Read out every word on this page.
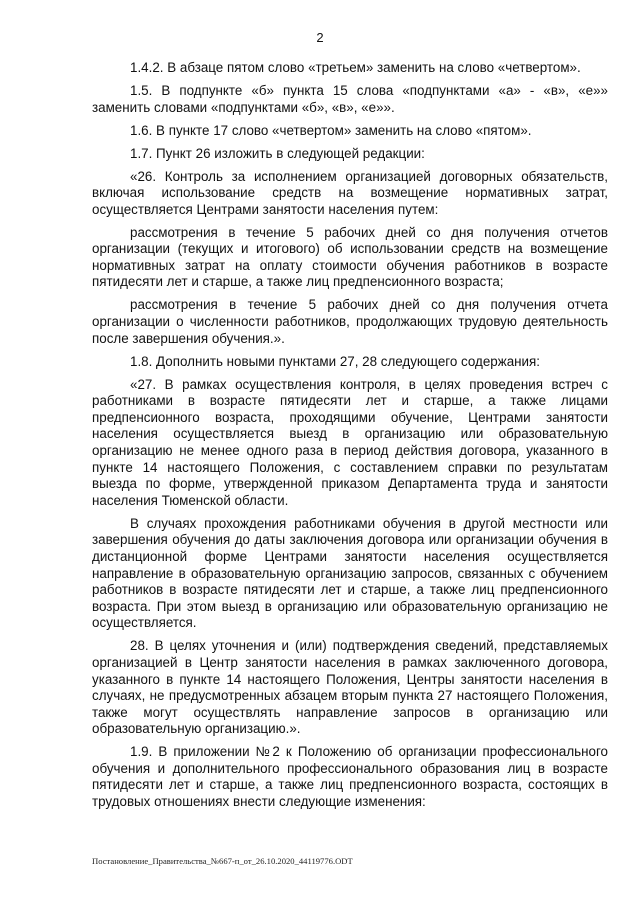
2

1.4.2. В абзаце пятом слово «третьем» заменить на слово «четвертом».

1.5. В подпункте «б» пункта 15 слова «подпунктами «а» - «в», «е»» заменить словами «подпунктами «б», «в», «е»».

1.6. В пункте 17 слово «четвертом» заменить на слово «пятом».

1.7. Пункт 26 изложить в следующей редакции:

«26. Контроль за исполнением организацией договорных обязательств, включая использование средств на возмещение нормативных затрат, осуществляется Центрами занятости населения путем:

рассмотрения в течение 5 рабочих дней со дня получения отчетов организации (текущих и итогового) об использовании средств на возмещение нормативных затрат на оплату стоимости обучения работников в возрасте пятидесяти лет и старше, а также лиц предпенсионного возраста;

рассмотрения в течение 5 рабочих дней со дня получения отчета организации о численности работников, продолжающих трудовую деятельность после завершения обучения.».

1.8. Дополнить новыми пунктами 27, 28 следующего содержания:

«27. В рамках осуществления контроля, в целях проведения встреч с работниками в возрасте пятидесяти лет и старше, а также лицами предпенсионного возраста, проходящими обучение, Центрами занятости населения осуществляется выезд в организацию или образовательную организацию не менее одного раза в период действия договора, указанного в пункте 14 настоящего Положения, с составлением справки по результатам выезда по форме, утвержденной приказом Департамента труда и занятости населения Тюменской области.

В случаях прохождения работниками обучения в другой местности или завершения обучения до даты заключения договора или организации обучения в дистанционной форме Центрами занятости населения осуществляется направление в образовательную организацию запросов, связанных с обучением работников в возрасте пятидесяти лет и старше, а также лиц предпенсионного возраста. При этом выезд в организацию или образовательную организацию не осуществляется.

28. В целях уточнения и (или) подтверждения сведений, представляемых организацией в Центр занятости населения в рамках заключенного договора, указанного в пункте 14 настоящего Положения, Центры занятости населения в случаях, не предусмотренных абзацем вторым пункта 27 настоящего Положения, также могут осуществлять направление запросов в организацию или образовательную организацию.».

1.9. В приложении №2 к Положению об организации профессионального обучения и дополнительного профессионального образования лиц в возрасте пятидесяти лет и старше, а также лиц предпенсионного возраста, состоящих в трудовых отношениях внести следующие изменения:

Постановление_Правительства_№667-п_от_26.10.2020_44119776.ODT
